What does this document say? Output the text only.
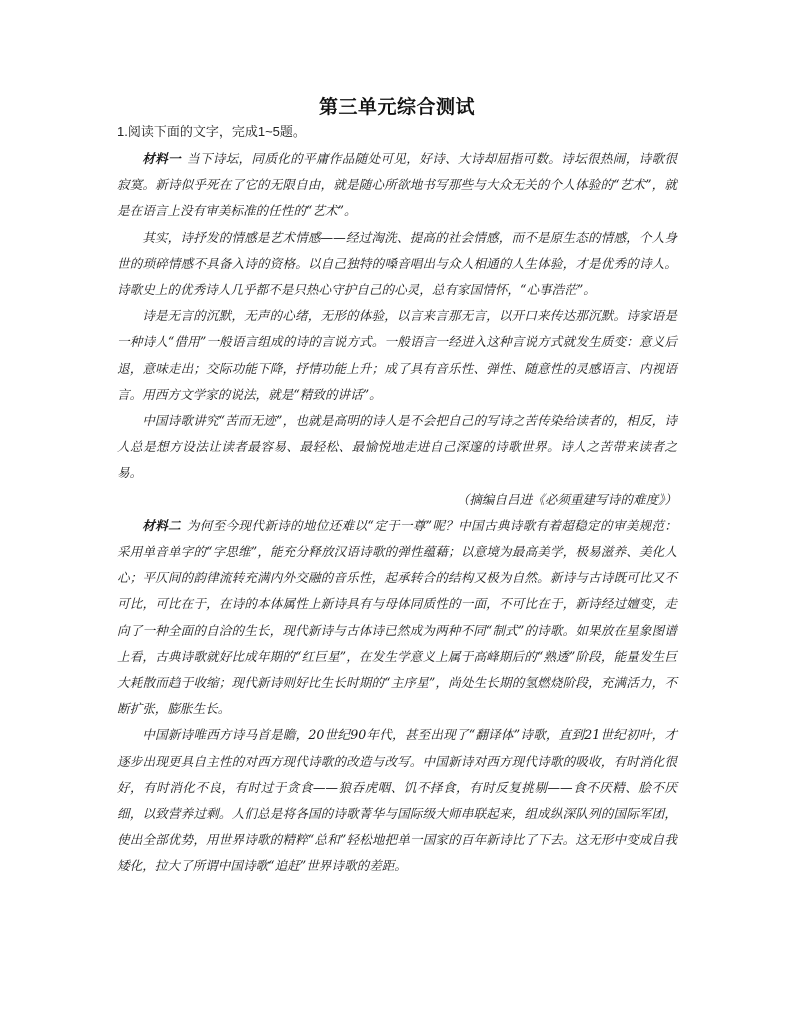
第三单元综合测试
1.阅读下面的文字，完成1~5题。

材料一 当下诗坛，同质化的平庸作品随处可见，好诗、大诗却屈指可数。诗坛很热闹，诗歌很寂寞。新诗似乎死在了它的无限自由，就是随心所欲地书写那些与大众无关的个人体验的“艺术”，就是在语言上没有审美标准的任性的“艺术”。

其实，诗抒发的情感是艺术情感——经过淘洗、提高的社会情感，而不是原生态的情感，个人身世的琐碎情感不具备入诗的资格。以自己独特的嗓音唱出与众人相通的人生体验，才是优秀的诗人。诗歌史上的优秀诗人几乎都不是只热心守护自己的心灵，总有家国情怀，“心事浩茫”。

诗是无言的沉默，无声的心绪，无形的体验，以言来言那无言，以开口来传达那沉默。诗家语是一种诗人“借用”一般语言组成的诗的言说方式。一般语言一经进入这种言说方式就发生质变：意义后退，意味走出；交际功能下降，抒情功能上升；成了具有音乐性、弹性、随意性的灵感语言、内视语言。用西方文学家的说法，就是“精致的讲话”。

中国诗歌讲究“苦而无迹”，也就是高明的诗人是不会把自己的写诗之苦传染给读者的，相反，诗人总是想方设法让读者最容易、最轻松、最愉悦地走进自己深邃的诗歌世界。诗人之苦带来读者之易。

（摘编自吕进《必须重建写诗的难度》）

材料二 为何至今现代新诗的地位还难以“定于一尊”呢？中国古典诗歌有着超稳定的审美规范：采用单音单字的“字思维”，能充分释放汉语诗歌的弹性蕴藉；以意境为最高美学，极易滋养、美化人心；平仄间的韵律流转充满内外交融的音乐性，起承转合的结构又极为自然。新诗与古诗既可比又不可比，可比在于，在诗的本体属性上新诗具有与母体同质性的一面，不可比在于，新诗经过嬗变，走向了一种全面的自洽的生长，现代新诗与古体诗已然成为两种不同“制式”的诗歌。如果放在星象图谱上看，古典诗歌就好比成年期的“红巨星”，在发生学意义上属于高峰期后的“熟透”阶段，能量发生巨大耗散而趋于收缩；现代新诗则好比生长时期的“主序星”，尚处生长期的氢燃烧阶段，充满活力，不断扩张，膨胀生长。

中国新诗唯西方诗马首是瞻，20世纪90年代，甚至出现了“翻译体”诗歌，直到21世纪初叶，才逐步出现更具自主性的对西方现代诗歌的改造与改写。中国新诗对西方现代诗歌的吸收，有时消化很好，有时消化不良，有时过于贪食——狼吞虎咽、饥不择食，有时反复挑剔——食不厌精、脍不厌细，以致营养过剩。人们总是将各国的诗歌菁华与国际级大师串联起来，组成纵深队列的国际军团，使出全部优势，用世界诗歌的精粹“总和”轻松地把单一国家的百年新诗比了下去。这无形中变成自我矮化，拉大了所谓中国诗歌“追赶”世界诗歌的差距。
